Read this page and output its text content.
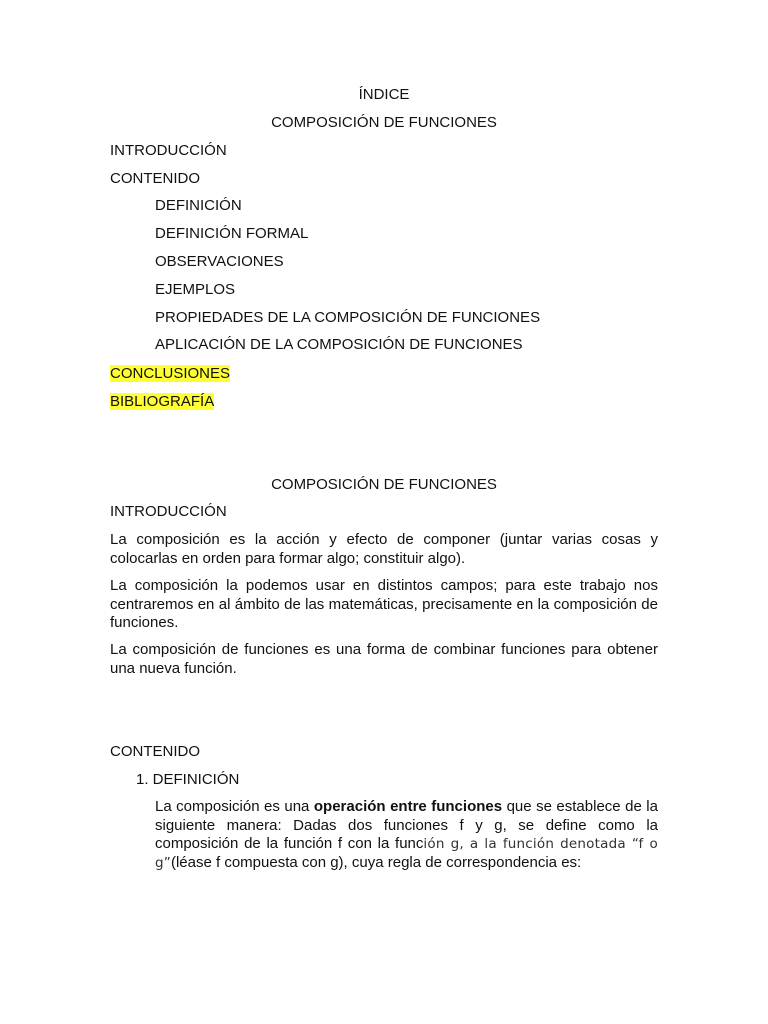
ÍNDICE
COMPOSICIÓN DE FUNCIONES
INTRODUCCIÓN
CONTENIDO
DEFINICIÓN
DEFINICIÓN FORMAL
OBSERVACIONES
EJEMPLOS
PROPIEDADES DE LA COMPOSICIÓN DE FUNCIONES
APLICACIÓN DE LA COMPOSICIÓN DE FUNCIONES
CONCLUSIONES
BIBLIOGRAFÍA
COMPOSICIÓN DE FUNCIONES
INTRODUCCIÓN
La composición es la acción y efecto de componer (juntar varias cosas y colocarlas en orden para formar algo; constituir algo).
La composición la podemos usar en distintos campos; para este trabajo nos centraremos en al ámbito de las matemáticas, precisamente en la composición de funciones.
La composición de funciones es una forma de combinar funciones para obtener una nueva función.
CONTENIDO
1. DEFINICIÓN
La composición es una operación entre funciones que se establece de la siguiente manera: Dadas dos funciones f y g, se define como la composición de la función f con la función g, a la función denotada “f o g”(léase f compuesta con g), cuya regla de correspondencia es:
